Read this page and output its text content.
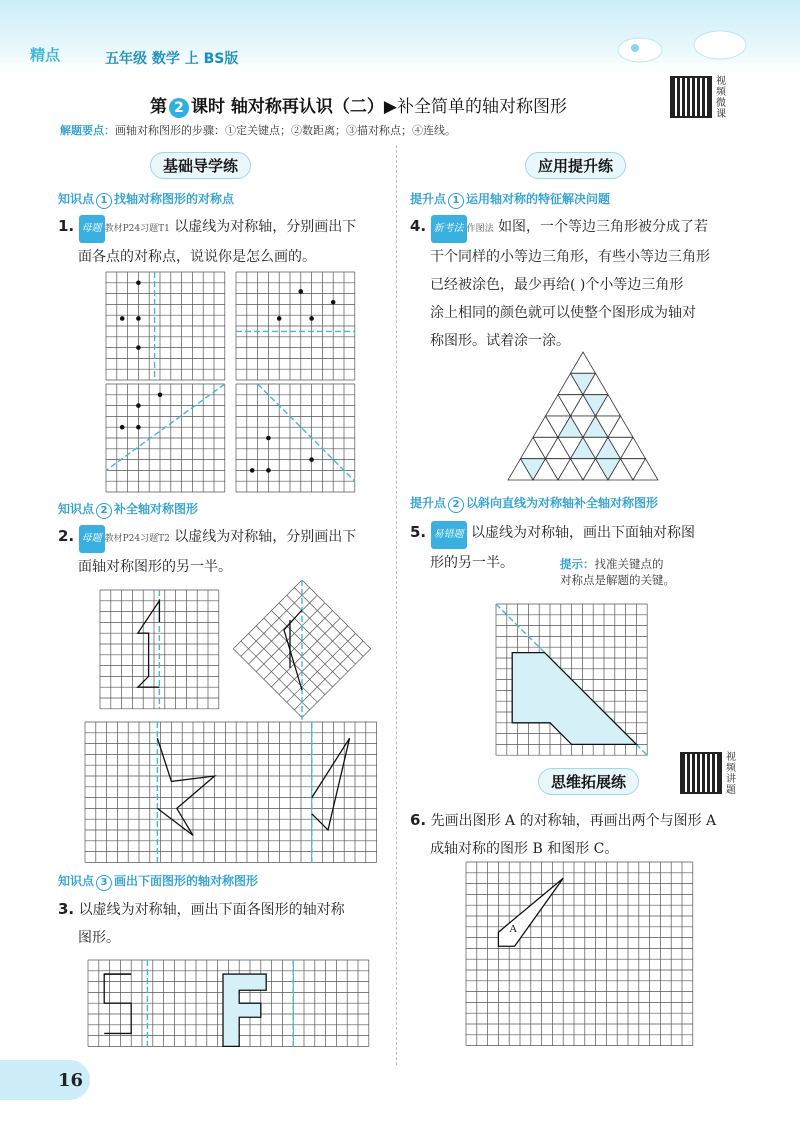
精点	五年级 数学 上 BS版
第 2 课时 轴对称再认识（二）▶补全简单的轴对称图形
解题要点：画轴对称图形的步骤：①定关键点；②数距离；③描对称点；④连线。
视
频
微
课
基础导学练
知识点 1 找轴对称图形的对称点
1. 母题 教材P24习题T1 以虚线为对称轴，分别画出下
面各点的对称点，说说你是怎么画的。
知识点 2 补全轴对称图形
2. 母题 教材P24习题T2 以虚线为对称轴，分别画出下
面轴对称图形的另一半。
知识点 3 画出下面图形的轴对称图形
3. 以虚线为对称轴，画出下面各图形的轴对称
图形。
应用提升练
提升点 1 运用轴对称的特征解决问题
4. 新考法 作图法 如图，一个等边三角形被分成了若
干个同样的小等边三角形，有些小等边三角形
已经被涂色，最少再给( )个小等边三角形
涂上相同的颜色就可以使整个图形成为轴对
称图形。试着涂一涂。
提升点 2 以斜向直线为对称轴补全轴对称图形
5. 易错题 以虚线为对称轴，画出下面轴对称图
形的另一半。	提示：找准关键点的
对称点是解题的关键。
视
频
讲
题
思维拓展练
6. 先画出图形 A 的对称轴，再画出两个与图形 A
成轴对称的图形 B 和图形 C。
A
16
